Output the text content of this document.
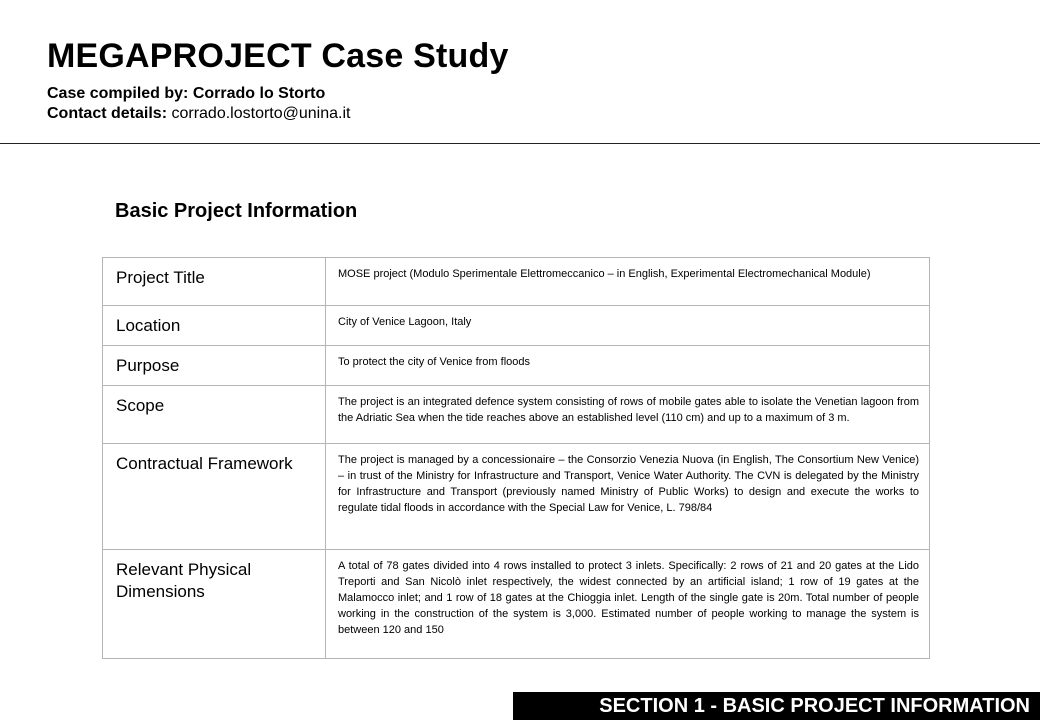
MEGAPROJECT Case Study
Case compiled by: Corrado lo Storto
Contact details: corrado.lostorto@unina.it
Basic Project Information
Project Title	MOSE project (Modulo Sperimentale Elettromeccanico – in English, Experimental Electromechanical Module)
Location	City of Venice Lagoon, Italy
Purpose	To protect the city of Venice from floods
Scope	The project is an integrated defence system consisting of rows of mobile gates able to isolate the Venetian lagoon from the Adriatic Sea when the tide reaches above an established level (110 cm) and up to a maximum of 3 m.
Contractual Framework	The project is managed by a concessionaire – the Consorzio Venezia Nuova (in English, The Consortium New Venice) – in trust of the Ministry for Infrastructure and Transport, Venice Water Authority. The CVN is delegated by the Ministry for Infrastructure and Transport (previously named Ministry of Public Works) to design and execute the works to regulate tidal floods in accordance with the Special Law for Venice, L. 798/84
Relevant Physical Dimensions	A total of 78 gates divided into 4 rows installed to protect 3 inlets. Specifically: 2 rows of 21 and 20 gates at the Lido Treporti and San Nicolò inlet respectively, the widest connected by an artificial island; 1 row of 19 gates at the Malamocco inlet; and 1 row of 18 gates at the Chioggia inlet. Length of the single gate is 20m. Total number of people working in the construction of the system is 3,000. Estimated number of people working to manage the system is between 120 and 150
SECTION 1 - BASIC PROJECT INFORMATION
